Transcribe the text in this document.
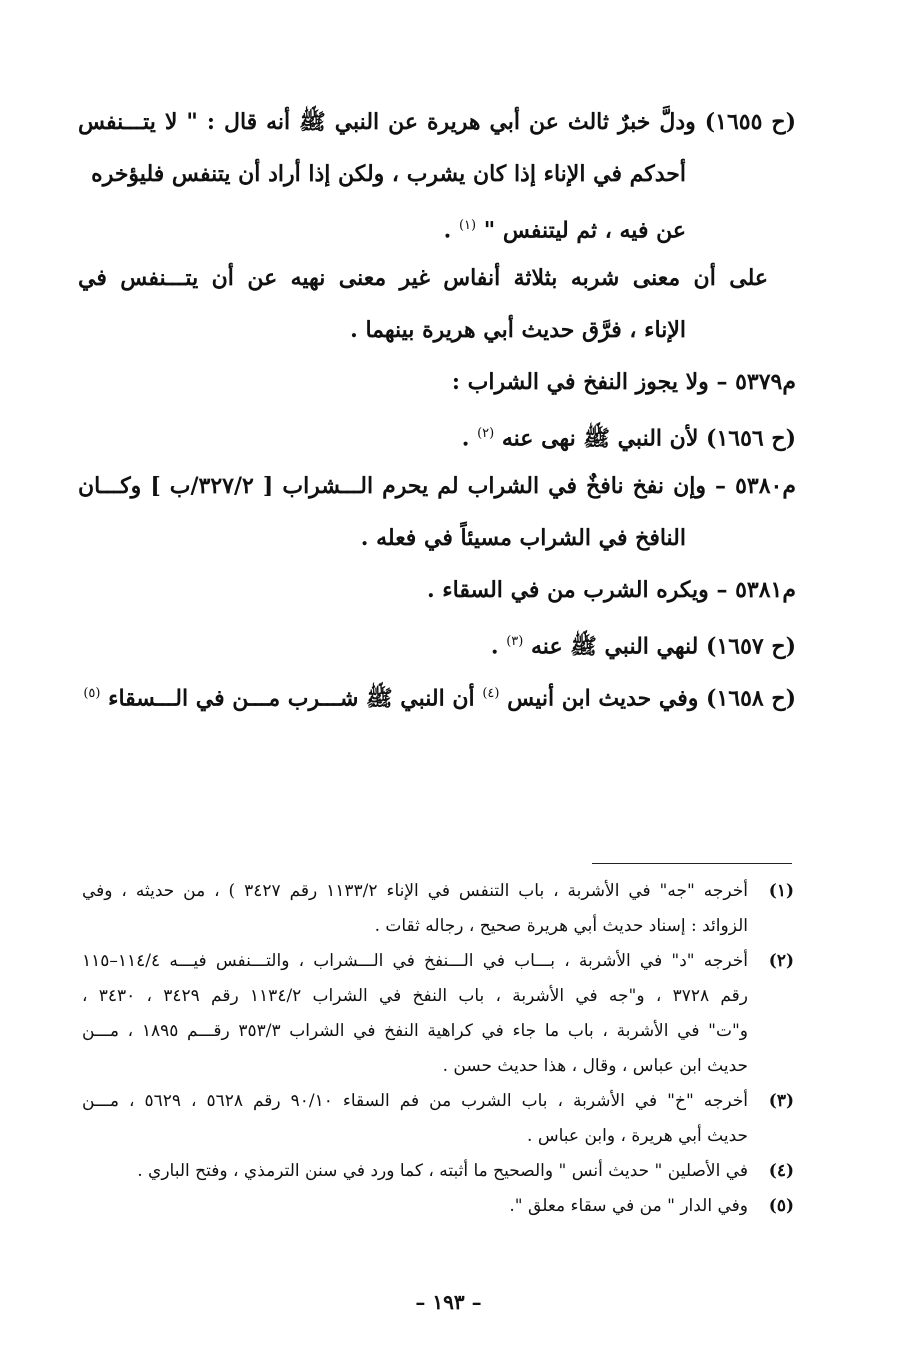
(ح ١٦٥٥) ودلَّ خبرٌ ثالث عن أبي هريرة عن النبي ﷺ أنه قال : " لا يتـــنفس
أحدكم في الإناء إذا كان يشرب ، ولكن إذا أراد أن يتنفس فليؤخره
عن فيه ، ثم ليتنفس " $^{(١)}$ .
على أن معنى شربه بثلاثة أنفاس غير معنى نهيه عن أن يتـــنفس في
الإناء ، فرَّق حديث أبي هريرة بينهما .
م٥٣٧٩ – ولا يجوز النفخ في الشراب :
(ح ١٦٥٦) لأن النبي ﷺ نهى عنه $^{(٢)}$ .
م٥٣٨٠ – وإن نفخ نافخٌ في الشراب لم يحرم الـــشراب [ ٣٢٧/٢/ب ] وكـــان
النافخ في الشراب مسيئاً في فعله .
م٥٣٨١ – ويكره الشرب من في السقاء .
(ح ١٦٥٧) لنهي النبي ﷺ عنه $^{(٣)}$ .
(ح ١٦٥٨) وفي حديث ابن أنيس $^{(٤)}$ أن النبي ﷺ شـــرب مـــن في الـــسقاء $^{(٥)}$
(١)
أخرجه "جه" في الأشربة ، باب التنفس في الإناء ١١٣٣/٢ رقم ٣٤٢٧ ) ، من حديثه ، وفي
الزوائد : إسناد حديث أبي هريرة صحيح ، رجاله ثقات .
(٢)
أخرجه "د" في الأشربة ، بـــاب في الـــنفخ في الـــشراب ، والتـــنفس فيـــه ١١٤/٤–١١٥
رقم ٣٧٢٨ ، و"جه في الأشربة ، باب النفخ في الشراب ١١٣٤/٢ رقم ٣٤٢٩ ، ٣٤٣٠ ،
و"ت" في الأشربة ، باب ما جاء في كراهية النفخ في الشراب ٣٥٣/٣ رقـــم ١٨٩٥ ، مـــن
حديث ابن عباس ، وقال ، هذا حديث حسن .
(٣)
أخرجه "خ" في الأشربة ، باب الشرب من فم السقاء ٩٠/١٠ رقم ٥٦٢٨ ، ٥٦٢٩ ، مـــن
حديث أبي هريرة ، وابن عباس .
(٤)
في الأصلين " حديث أنس " والصحيح ما أثبته ، كما ورد في سنن الترمذي ، وفتح الباري .
(٥)
وفي الدار " من في سقاء معلق ".
– ١٩٣ –
